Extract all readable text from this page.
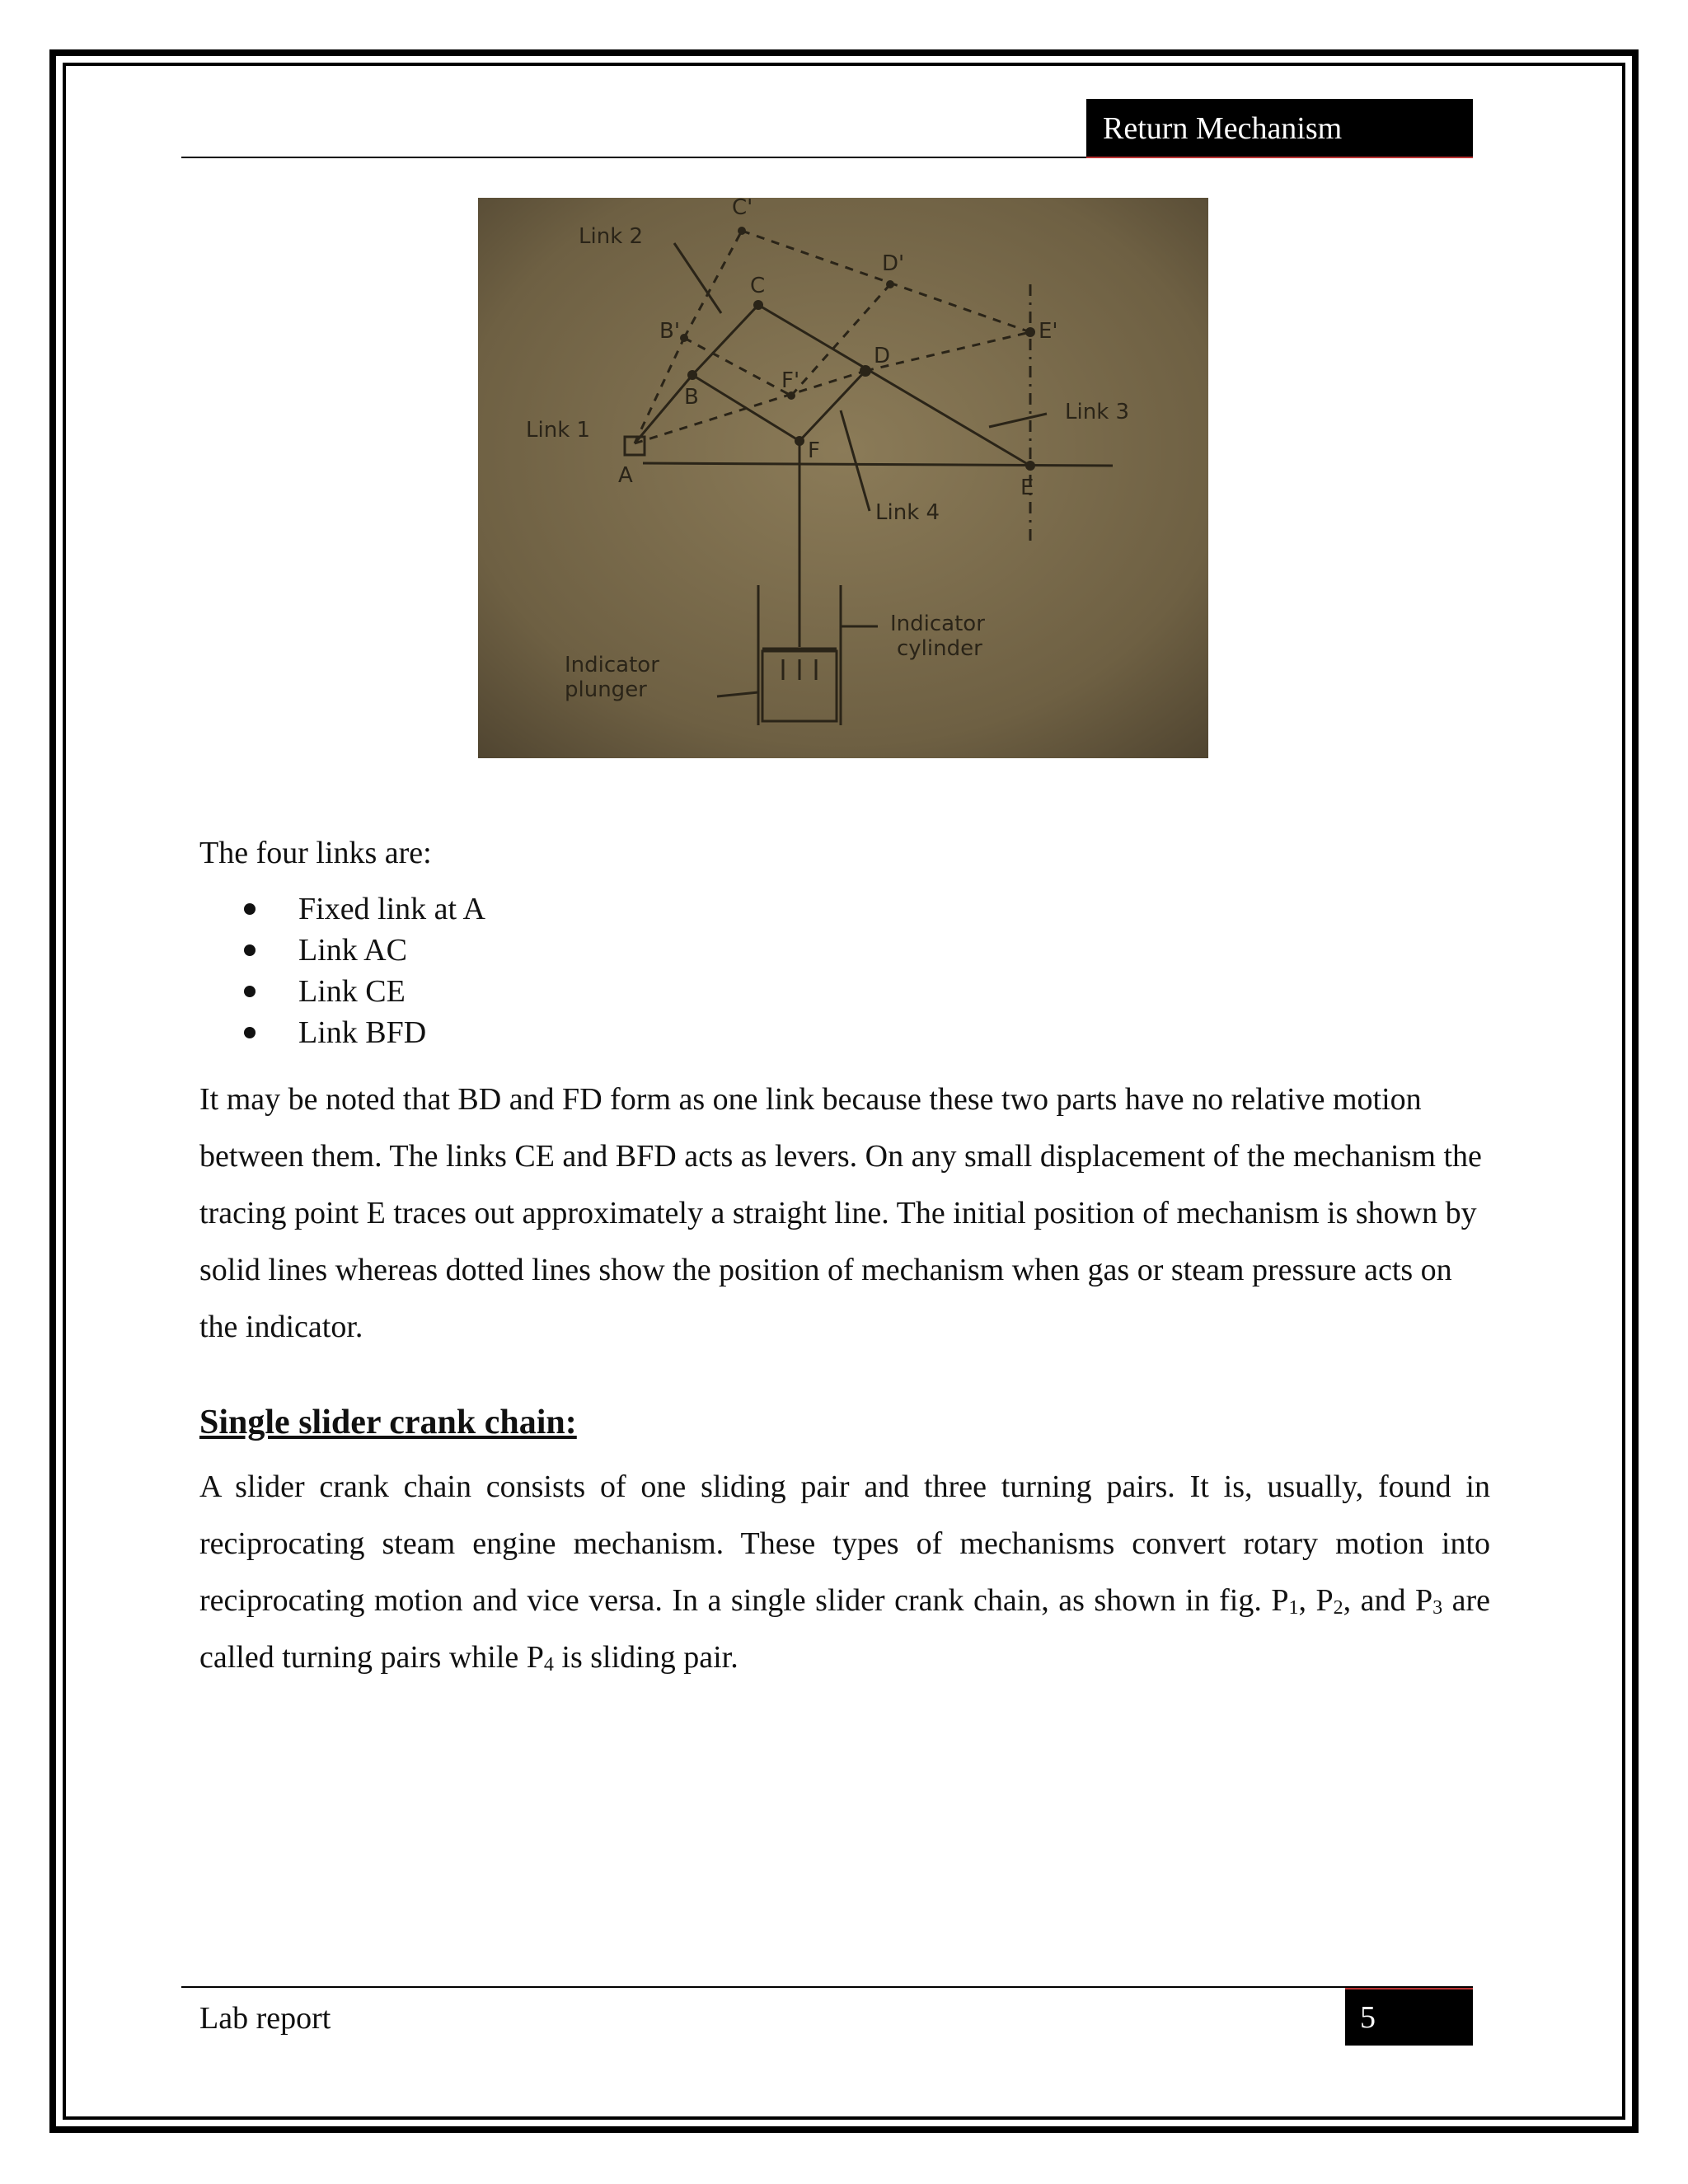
Return Mechanism
Link 2
Link 1
Link 3
Link 4
C'
C
D'
E'
B'
B
F'
D
F
A	E
Indicator
cylinder
Indicator
plunger

The four links are:

Fixed link at A
Link AC
Link CE
Link BFD

It may be noted that BD and FD form as one link because these two parts have no relative motion between them. The links CE and BFD acts as levers. On any small displacement of the mechanism the tracing point E traces out approximately a straight line. The initial position of mechanism is shown by solid lines whereas dotted lines show the position of mechanism when gas or steam pressure acts on the indicator.

Single slider crank chain:

A slider crank chain consists of one sliding pair and three turning pairs. It is, usually, found in reciprocating steam engine mechanism. These types of mechanisms convert rotary motion into reciprocating motion and vice versa. In a single slider crank chain, as shown in fig. $P_1$, $P_2$, and $P_3$ are called turning pairs while $P_4$ is sliding pair.

Lab report	5
